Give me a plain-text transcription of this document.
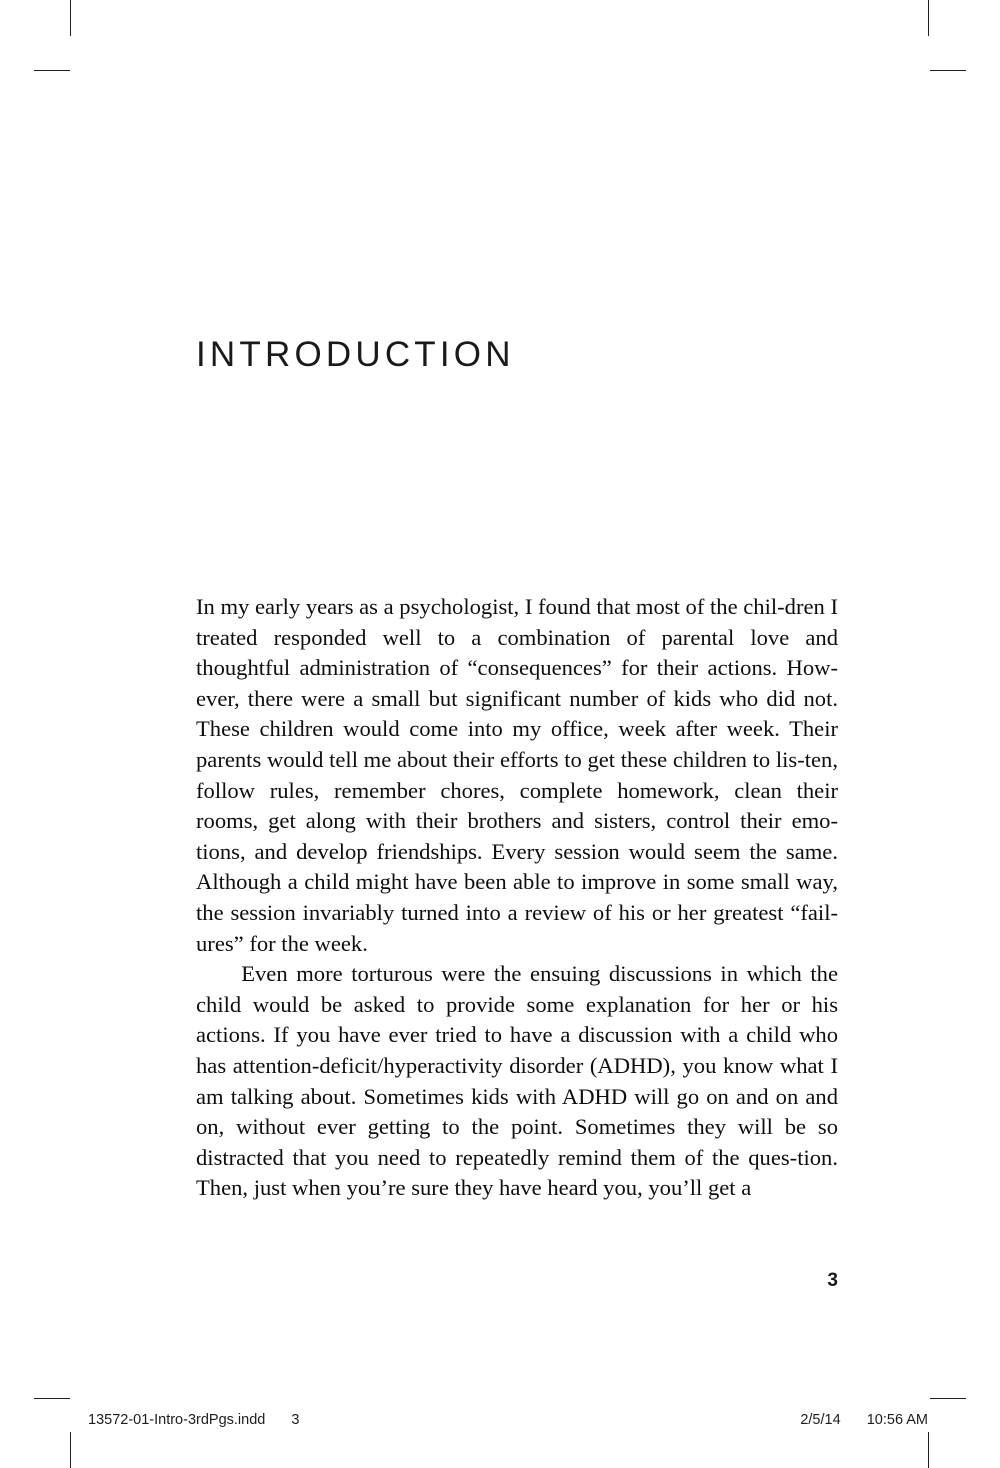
INTRODUCTION

In my early years as a psychologist, I found that most of the chil-dren I treated responded well to a combination of parental love and thoughtful administration of “consequences” for their actions. How-ever, there were a small but significant number of kids who did not. These children would come into my office, week after week. Their parents would tell me about their efforts to get these children to lis-ten, follow rules, remember chores, complete homework, clean their rooms, get along with their brothers and sisters, control their emo-tions, and develop friendships. Every session would seem the same. Although a child might have been able to improve in some small way, the session invariably turned into a review of his or her greatest “fail-ures” for the week.

Even more torturous were the ensuing discussions in which the child would be asked to provide some explanation for her or his actions. If you have ever tried to have a discussion with a child who has attention-deficit/hyperactivity disorder (ADHD), you know what I am talking about. Sometimes kids with ADHD will go on and on and on, without ever getting to the point. Sometimes they will be so distracted that you need to repeatedly remind them of the ques-tion. Then, just when you’re sure they have heard you, you’ll get a

3
13572-01-Intro-3rdPgs.indd 3	2/5/14 10:56 AM
